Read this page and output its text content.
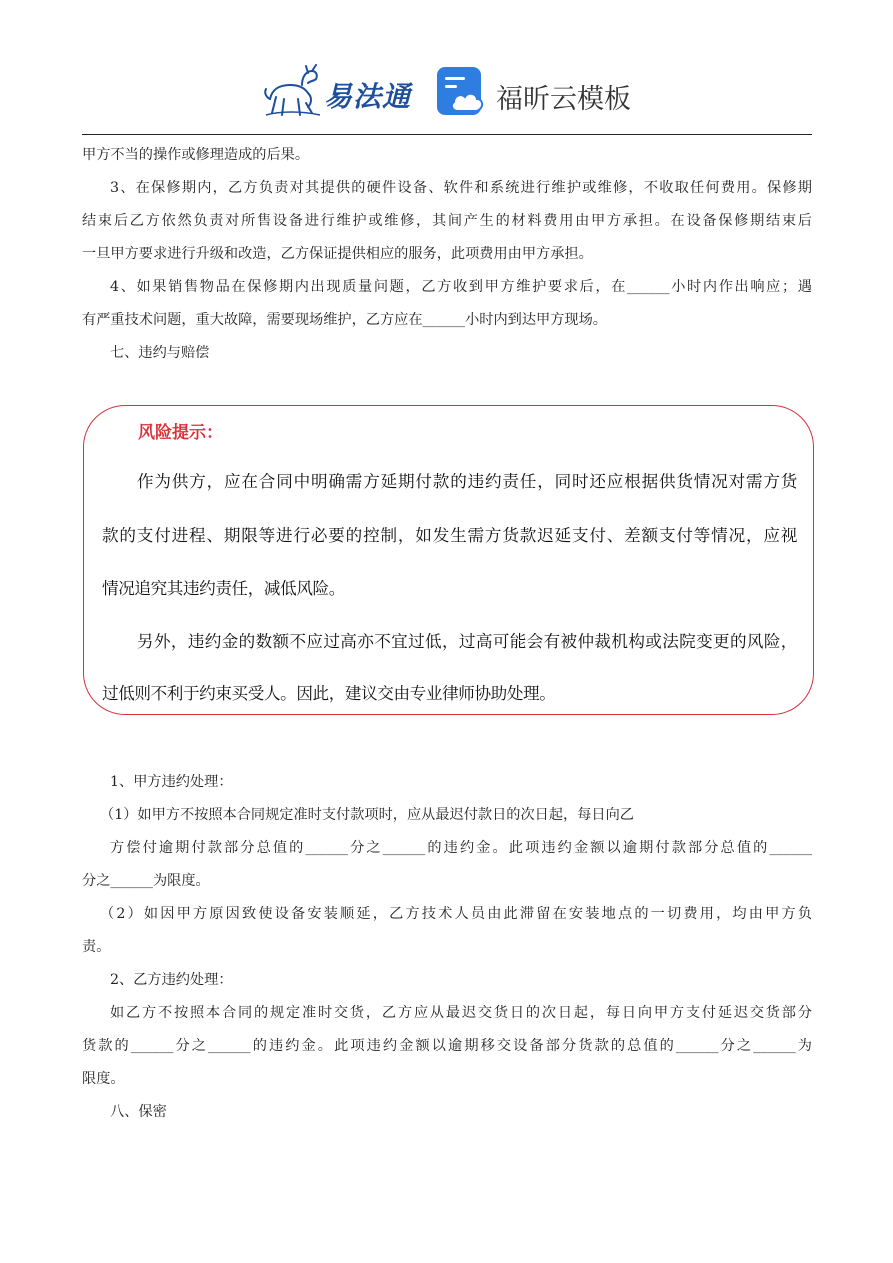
易法通	福昕云模板
甲方不当的操作或修理造成的后果。
3、在保修期内，乙方负责对其提供的硬件设备、软件和系统进行维护或维修，不收取任何费用。保修期
结束后乙方依然负责对所售设备进行维护或维修，其间产生的材料费用由甲方承担。在设备保修期结束后
一旦甲方要求进行升级和改造，乙方保证提供相应的服务，此项费用由甲方承担。
4、如果销售物品在保修期内出现质量问题，乙方收到甲方维护要求后，在______小时内作出响应；遇
有严重技术问题，重大故障，需要现场维护，乙方应在______小时内到达甲方现场。
七、违约与赔偿
风险提示：
作为供方，应在合同中明确需方延期付款的违约责任，同时还应根据供货情况对需方货
款的支付进程、期限等进行必要的控制，如发生需方货款迟延支付、差额支付等情况，应视
情况追究其违约责任，减低风险。
另外，违约金的数额不应过高亦不宜过低，过高可能会有被仲裁机构或法院变更的风险，
过低则不利于约束买受人。因此，建议交由专业律师协助处理。
1、甲方违约处理：
（1）如甲方不按照本合同规定准时支付款项时，应从最迟付款日的次日起，每日向乙
方偿付逾期付款部分总值的______分之______的违约金。此项违约金额以逾期付款部分总值的______
分之______为限度。
（2）如因甲方原因致使设备安装顺延，乙方技术人员由此滞留在安装地点的一切费用，均由甲方负
责。
2、乙方违约处理：
如乙方不按照本合同的规定准时交货，乙方应从最迟交货日的次日起，每日向甲方支付延迟交货部分
货款的______分之______的违约金。此项违约金额以逾期移交设备部分货款的总值的______分之______为
限度。
八、保密
